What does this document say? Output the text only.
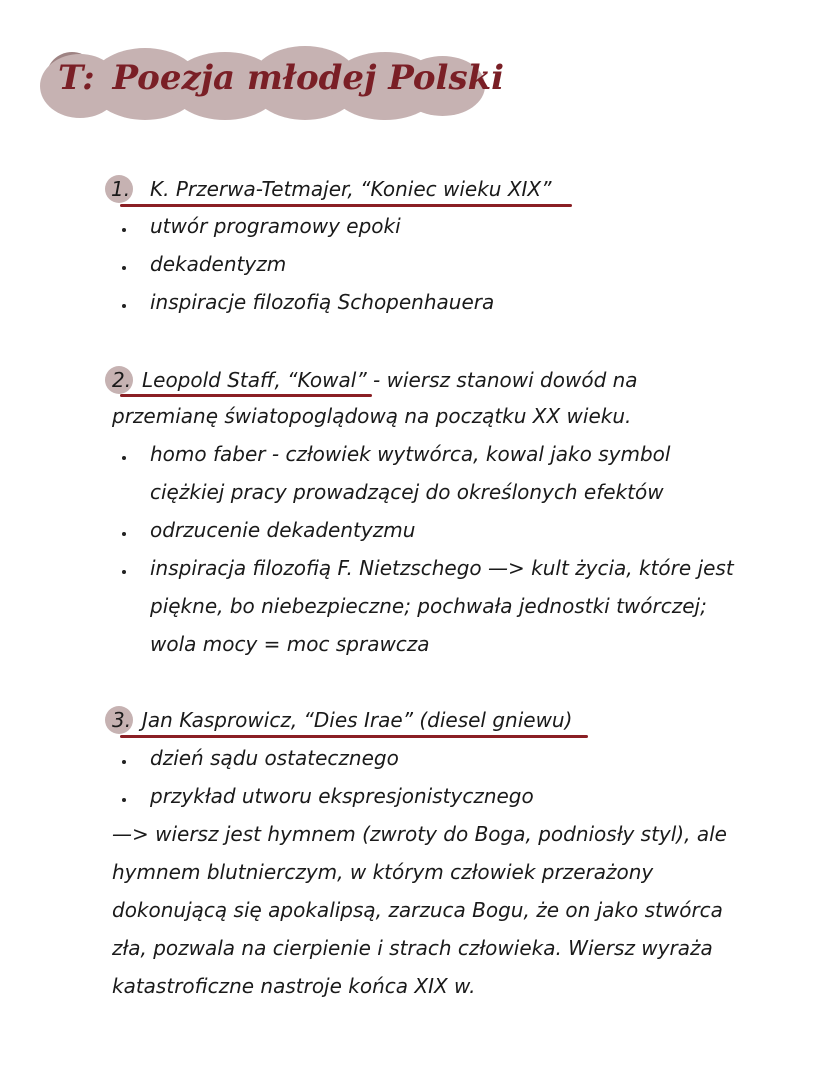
T: Poezja młodej Polski
1. K. Przerwa-Tetmajer, “Koniec wieku XIX”
utwór programowy epoki
dekadentyzm
inspiracje filozofią Schopenhauera
2. Leopold Staff, “Kowal” - wiersz stanowi dowód na
przemianę światopoglądową na początku XX wieku.
homo faber - człowiek wytwórca, kowal jako symbol
ciężkiej pracy prowadzącej do określonych efektów
odrzucenie dekadentyzmu
inspiracja filozofią F. Nietzschego —> kult życia, które jest
piękne, bo niebezpieczne; pochwała jednostki twórczej;
wola mocy = moc sprawcza
3. Jan Kasprowicz, “Dies Irae” (diesel gniewu)
dzień sądu ostatecznego
przykład utworu ekspresjonistycznego
—> wiersz jest hymnem (zwroty do Boga, podniosły styl), ale
hymnem blutnierczym, w którym człowiek przerażony
dokonującą się apokalipsą, zarzuca Bogu, że on jako stwórca
zła, pozwala na cierpienie i strach człowieka. Wiersz wyraża
katastroficzne nastroje końca XIX w.
